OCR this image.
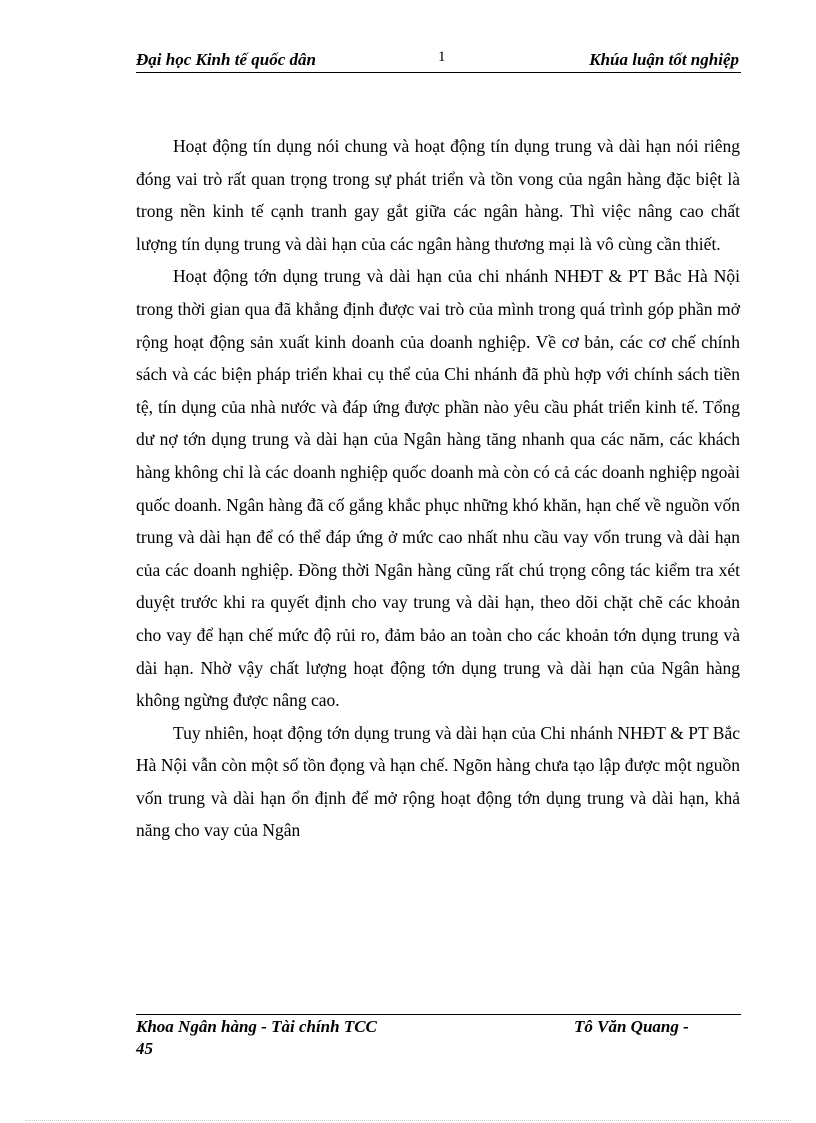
Đại học Kinh tế quốc dân	1	Khúa luận tốt nghiệp

Hoạt động tín dụng nói chung và hoạt động tín dụng trung và dài hạn nói riêng đóng vai trò rất quan trọng trong sự phát triển và tồn vong của ngân hàng đặc biệt là trong nền kinh tế cạnh tranh gay gắt giữa các ngân hàng. Thì việc nâng cao chất lượng tín dụng trung và dài hạn của các ngân hàng thương mại là vô cùng cần thiết.

Hoạt động tớn dụng trung và dài hạn của chi nhánh NHĐT & PT Bắc Hà Nội trong thời gian qua đã khẳng định được vai trò của mình trong quá trình góp phần mở rộng hoạt động sản xuất kinh doanh của doanh nghiệp. Về cơ bản, các cơ chế chính sách và các biện pháp triển khai cụ thể của Chi nhánh đã phù hợp với chính sách tiền tệ, tín dụng của nhà nước và đáp ứng được phần nào yêu cầu phát triển kinh tế. Tổng dư nợ tớn dụng trung và dài hạn của Ngân hàng tăng nhanh qua các năm, các khách hàng không chỉ là các doanh nghiệp quốc doanh mà còn có cả các doanh nghiệp ngoài quốc doanh. Ngân hàng đã cố gắng khắc phục những khó khăn, hạn chế về nguồn vốn trung và dài hạn để có thể đáp ứng ở mức cao nhất nhu cầu vay vốn trung và dài hạn của các doanh nghiệp. Đồng thời Ngân hàng cũng rất chú trọng công tác kiểm tra xét duyệt trước khi ra quyết định cho vay trung và dài hạn, theo dõi chặt chẽ các khoản cho vay để hạn chế mức độ rủi ro, đảm bảo an toàn cho các khoản tớn dụng trung và dài hạn. Nhờ vậy chất lượng hoạt động tớn dụng trung và dài hạn của Ngân hàng không ngừng được nâng cao.

Tuy nhiên, hoạt động tớn dụng trung và dài hạn của Chi nhánh NHĐT & PT Bắc Hà Nội vẫn còn một số tồn đọng và hạn chế. Ngõn hàng chưa tạo lập được một nguồn vốn trung và dài hạn ổn định để mở rộng hoạt động tớn dụng trung và dài hạn, khả năng cho vay của Ngân

Khoa Ngân hàng - Tài chính TCC 45
Tô Văn Quang -
